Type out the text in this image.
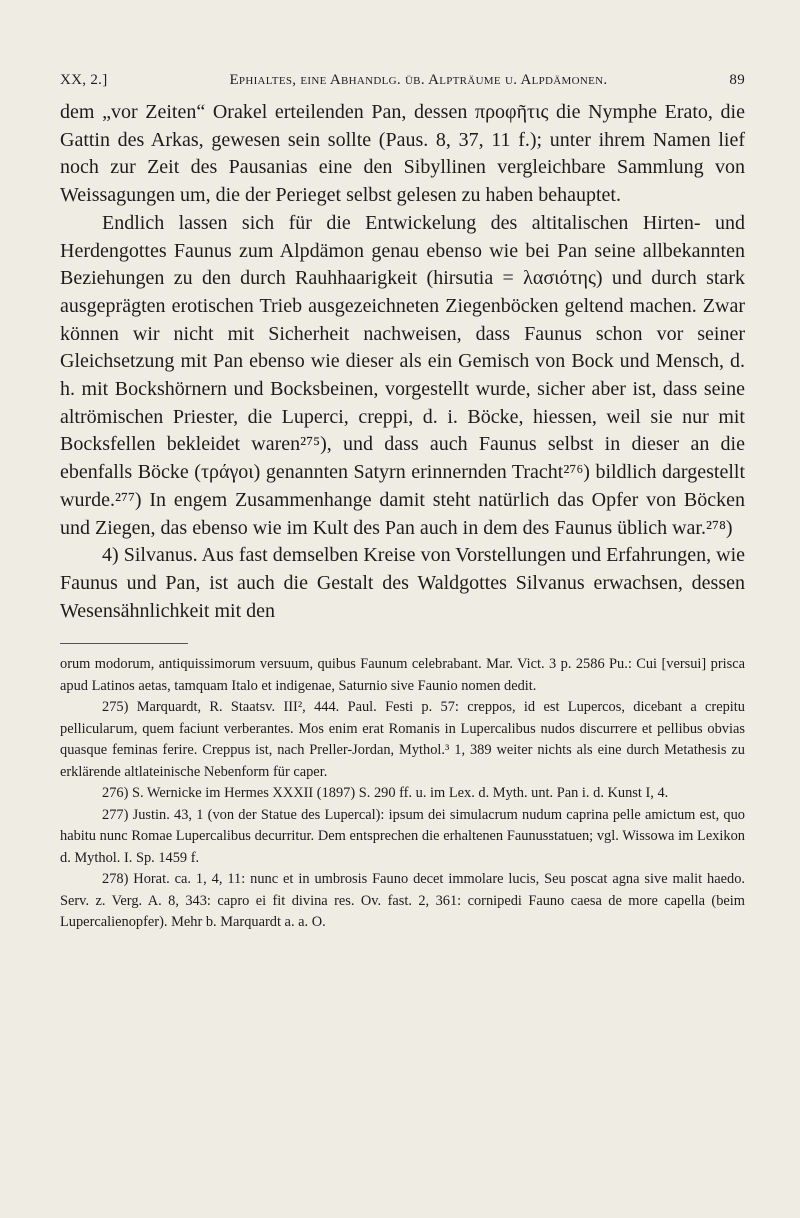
XX, 2.]	Ephialtes, eine Abhandlg. üb. Alpträume u. Alpdämonen.	89

dem „vor Zeiten“ Orakel erteilenden Pan, dessen προφῆτις die Nymphe Erato, die Gattin des Arkas, gewesen sein sollte (Paus. 8, 37, 11 f.); unter ihrem Namen lief noch zur Zeit des Pausanias eine den Sibyllinen vergleichbare Sammlung von Weissagungen um, die der Perieget selbst gelesen zu haben behauptet.

Endlich lassen sich für die Entwickelung des altitalischen Hirten- und Herdengottes Faunus zum Alpdämon genau ebenso wie bei Pan seine allbekannten Beziehungen zu den durch Rauhhaarigkeit (hirsutia = λασιότης) und durch stark ausgeprägten erotischen Trieb ausgezeichneten Ziegenböcken geltend machen. Zwar können wir nicht mit Sicherheit nachweisen, dass Faunus schon vor seiner Gleichsetzung mit Pan ebenso wie dieser als ein Gemisch von Bock und Mensch, d. h. mit Bockshörnern und Bocksbeinen, vorgestellt wurde, sicher aber ist, dass seine altrömischen Priester, die Luperci, creppi, d. i. Böcke, hiessen, weil sie nur mit Bocksfellen bekleidet waren²⁷⁵), und dass auch Faunus selbst in dieser an die ebenfalls Böcke (τράγοι) genannten Satyrn erinnernden Tracht²⁷⁶) bildlich dargestellt wurde.²⁷⁷) In engem Zusammenhange damit steht natürlich das Opfer von Böcken und Ziegen, das ebenso wie im Kult des Pan auch in dem des Faunus üblich war.²⁷⁸)

4) Silvanus. Aus fast demselben Kreise von Vorstellungen und Erfahrungen, wie Faunus und Pan, ist auch die Gestalt des Waldgottes Silvanus erwachsen, dessen Wesensähnlichkeit mit den

orum modorum, antiquissimorum versuum, quibus Faunum celebrabant. Mar. Vict. 3 p. 2586 Pu.: Cui [versui] prisca apud Latinos aetas, tamquam Italo et indigenae, Saturnio sive Faunio nomen dedit.

275) Marquardt, R. Staatsv. III², 444. Paul. Festi p. 57: creppos, id est Lupercos, dicebant a crepitu pelliculaгum, quem faciunt verberantes. Mos enim erat Romanis in Lupercalibus nudos discurrere et pellibus obvias quasque feminas ferire. Creppus ist, nach Preller-Jordan, Mythol.³ 1, 389 weiter nichts als eine durch Metathesis zu erklärende altlateinische Nebenform für caper.

276) S. Wernicke im Hermes XXXII (1897) S. 290 ff. u. im Lex. d. Myth. unt. Pan i. d. Kunst I, 4.

277) Justin. 43, 1 (von der Statue des Lupercal): ipsum dei simulacrum nudum caprina pelle amictum est, quo habitu nunc Romae Lupercalibus decurritur. Dem entsprechen die erhaltenen Faunusstatuen; vgl. Wissowa im Lexikon d. Mythol. I. Sp. 1459 f.

278) Horat. ca. 1, 4, 11: nunc et in umbrosis Fauno decet immolare lucis, Seu poscat agna sive malit haedo. Serv. z. Verg. A. 8, 343: capro ei fit divina res. Ov. fast. 2, 361: cornipedi Fauno caesa de more capella (beim Lupercalienopfer). Mehr b. Marquardt a. a. O.
